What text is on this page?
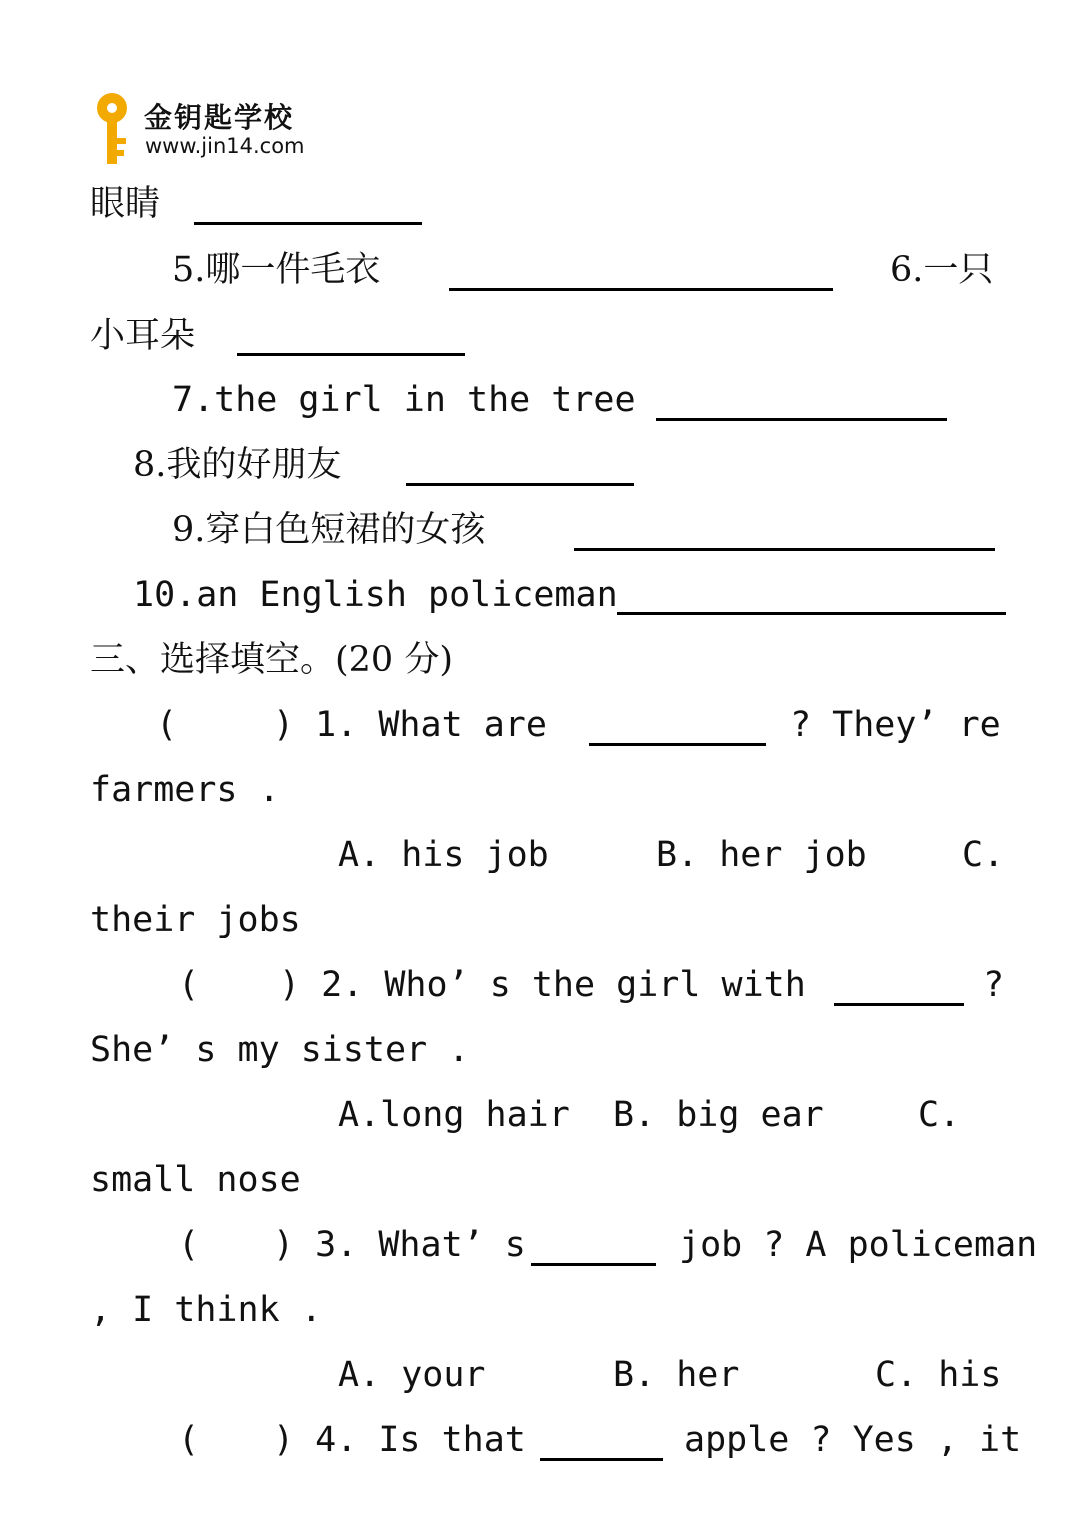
金钥匙学校
www.jin14.com
眼睛
5.哪一件毛衣	6.一只
小耳朵
7.the girl in the tree
8.我的好朋友
9.穿白色短裙的女孩
10.an English policeman
三、选择填空。(20 分)
(	) 1. What are	? They’ re
farmers .
A. his job	B. her job	C.
their jobs
( ) 2. Who’ s the girl with	?
She’ s my sister .
A.long hair B. big ear	C.
small nose
( ) 3. What’ s	job ? A policeman
, I think .
A. your	B. her	C. his
( ) 4. Is that	apple ? Yes , it
